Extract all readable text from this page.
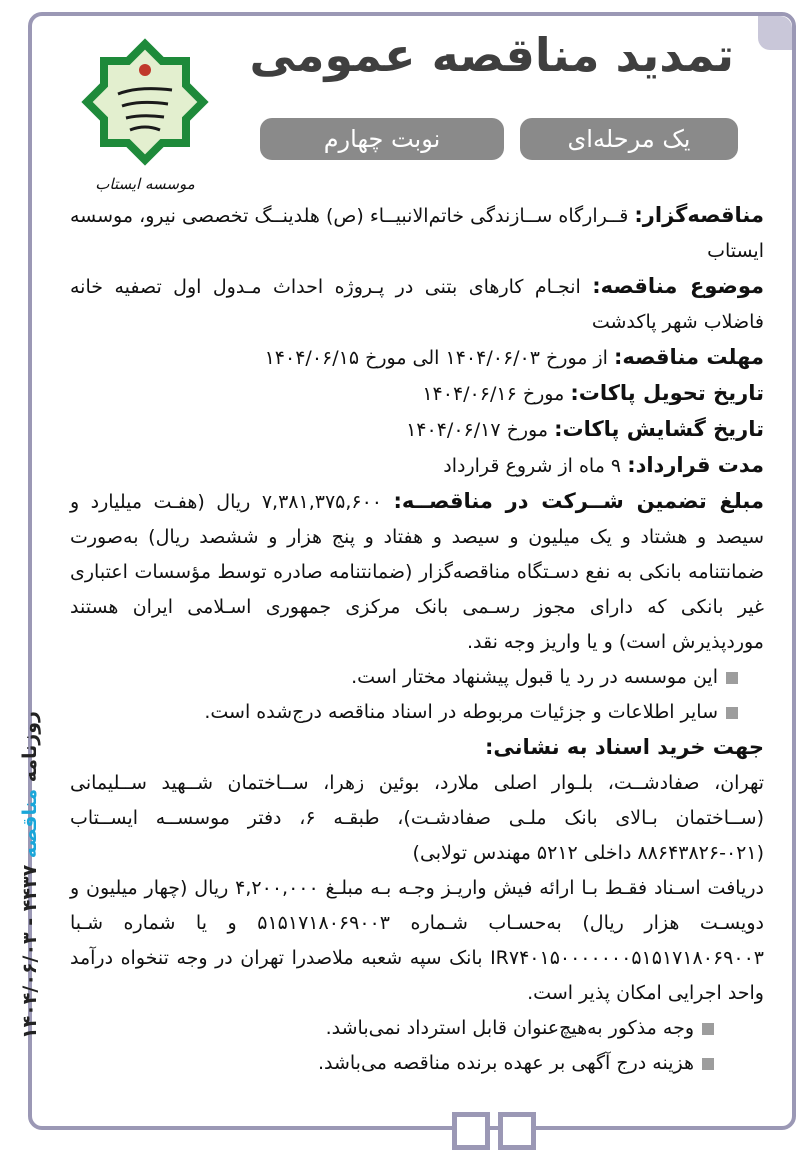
تمدید مناقصه عمومی
یک مرحله‌ای
نوبت چهارم
موسسه ایستاب

مناقصه‌گزار: قــرارگاه ســازندگی خاتم‌الانبیــاء (ص) هلدینــگ تخصصی نیرو، موسسه ایستاب

موضوع مناقصه: انجـام کارهای بتنی در پـروژه احداث مـدول اول تصفیه خانه فاضلاب شهر پاکدشت

مهلت مناقصه: از مورخ ۱۴۰۴/۰۶/۰۳ الی مورخ ۱۴۰۴/۰۶/۱۵

تاریخ تحویل پاکات: مورخ ۱۴۰۴/۰۶/۱۶

تاریخ گشایش پاکات: مورخ ۱۴۰۴/۰۶/۱۷

مدت قرارداد: ۹ ماه از شروع قرارداد

مبلغ تضمین شــرکت در مناقصــه: ۷,۳۸۱,۳۷۵,۶۰۰ ریال (هفـت میلیارد و سیصد و هشتاد و یک میلیون و سیصد و هفتاد و پنج هزار و ششصد ریال) به‌صورت ضمانتنامه بانکی به نفع دسـتگاه مناقصه‌گزار (ضمانتنامه صادره توسط مؤسسات اعتباری غیر بانکی که دارای مجوز رسـمی بانک مرکزی جمهوری اسـلامی ایران هستند موردپذیرش است) و یا واریز وجه نقد.

این موسسه در رد یا قبول پیشنهاد مختار است.

سایر اطلاعات و جزئیات مربوطه در اسناد مناقصه درج‌شده است.

جهت خرید اسناد به نشانی:

تهران، صفادشــت، بلـوار اصلی ملارد، بوئین زهرا، ســاختمان شــهید ســلیمانی (ســاختمان بـالای بانک ملـی صفادشـت)، طبقـه ۶، دفتر موسســه ایســتاب (۰۲۱-۸۸۶۴۳۸۲۶ داخلی ۵۲۱۲ مهندس تولابی)

دریافت اسـناد فقـط بـا ارائه فیش واریـز وجـه بـه مبلـغ ۴,۲۰۰,۰۰۰ ریال (چهار میلیون و دویسـت هزار ریال) به‌حسـاب شـماره ۵۱۵۱۷۱۸۰۶۹۰۰۳ و یا شماره شـبا IR۷۴۰۱۵۰۰۰۰۰۰۰۵۱۵۱۷۱۸۰۶۹۰۰۳ بانک سپه شعبه ملاصدرا تهران در وجه تنخواه درآمد واحد اجرایی امکان پذیر است.

وجه مذکور به‌هیچ‌عنوان قابل استرداد نمی‌باشد.

هزینه درج آگهی بر عهده برنده مناقصه می‌باشد.

روزنامه مناقصه ۴۴۳۷ - ۱۴۰۴/۰۶/۰۳
